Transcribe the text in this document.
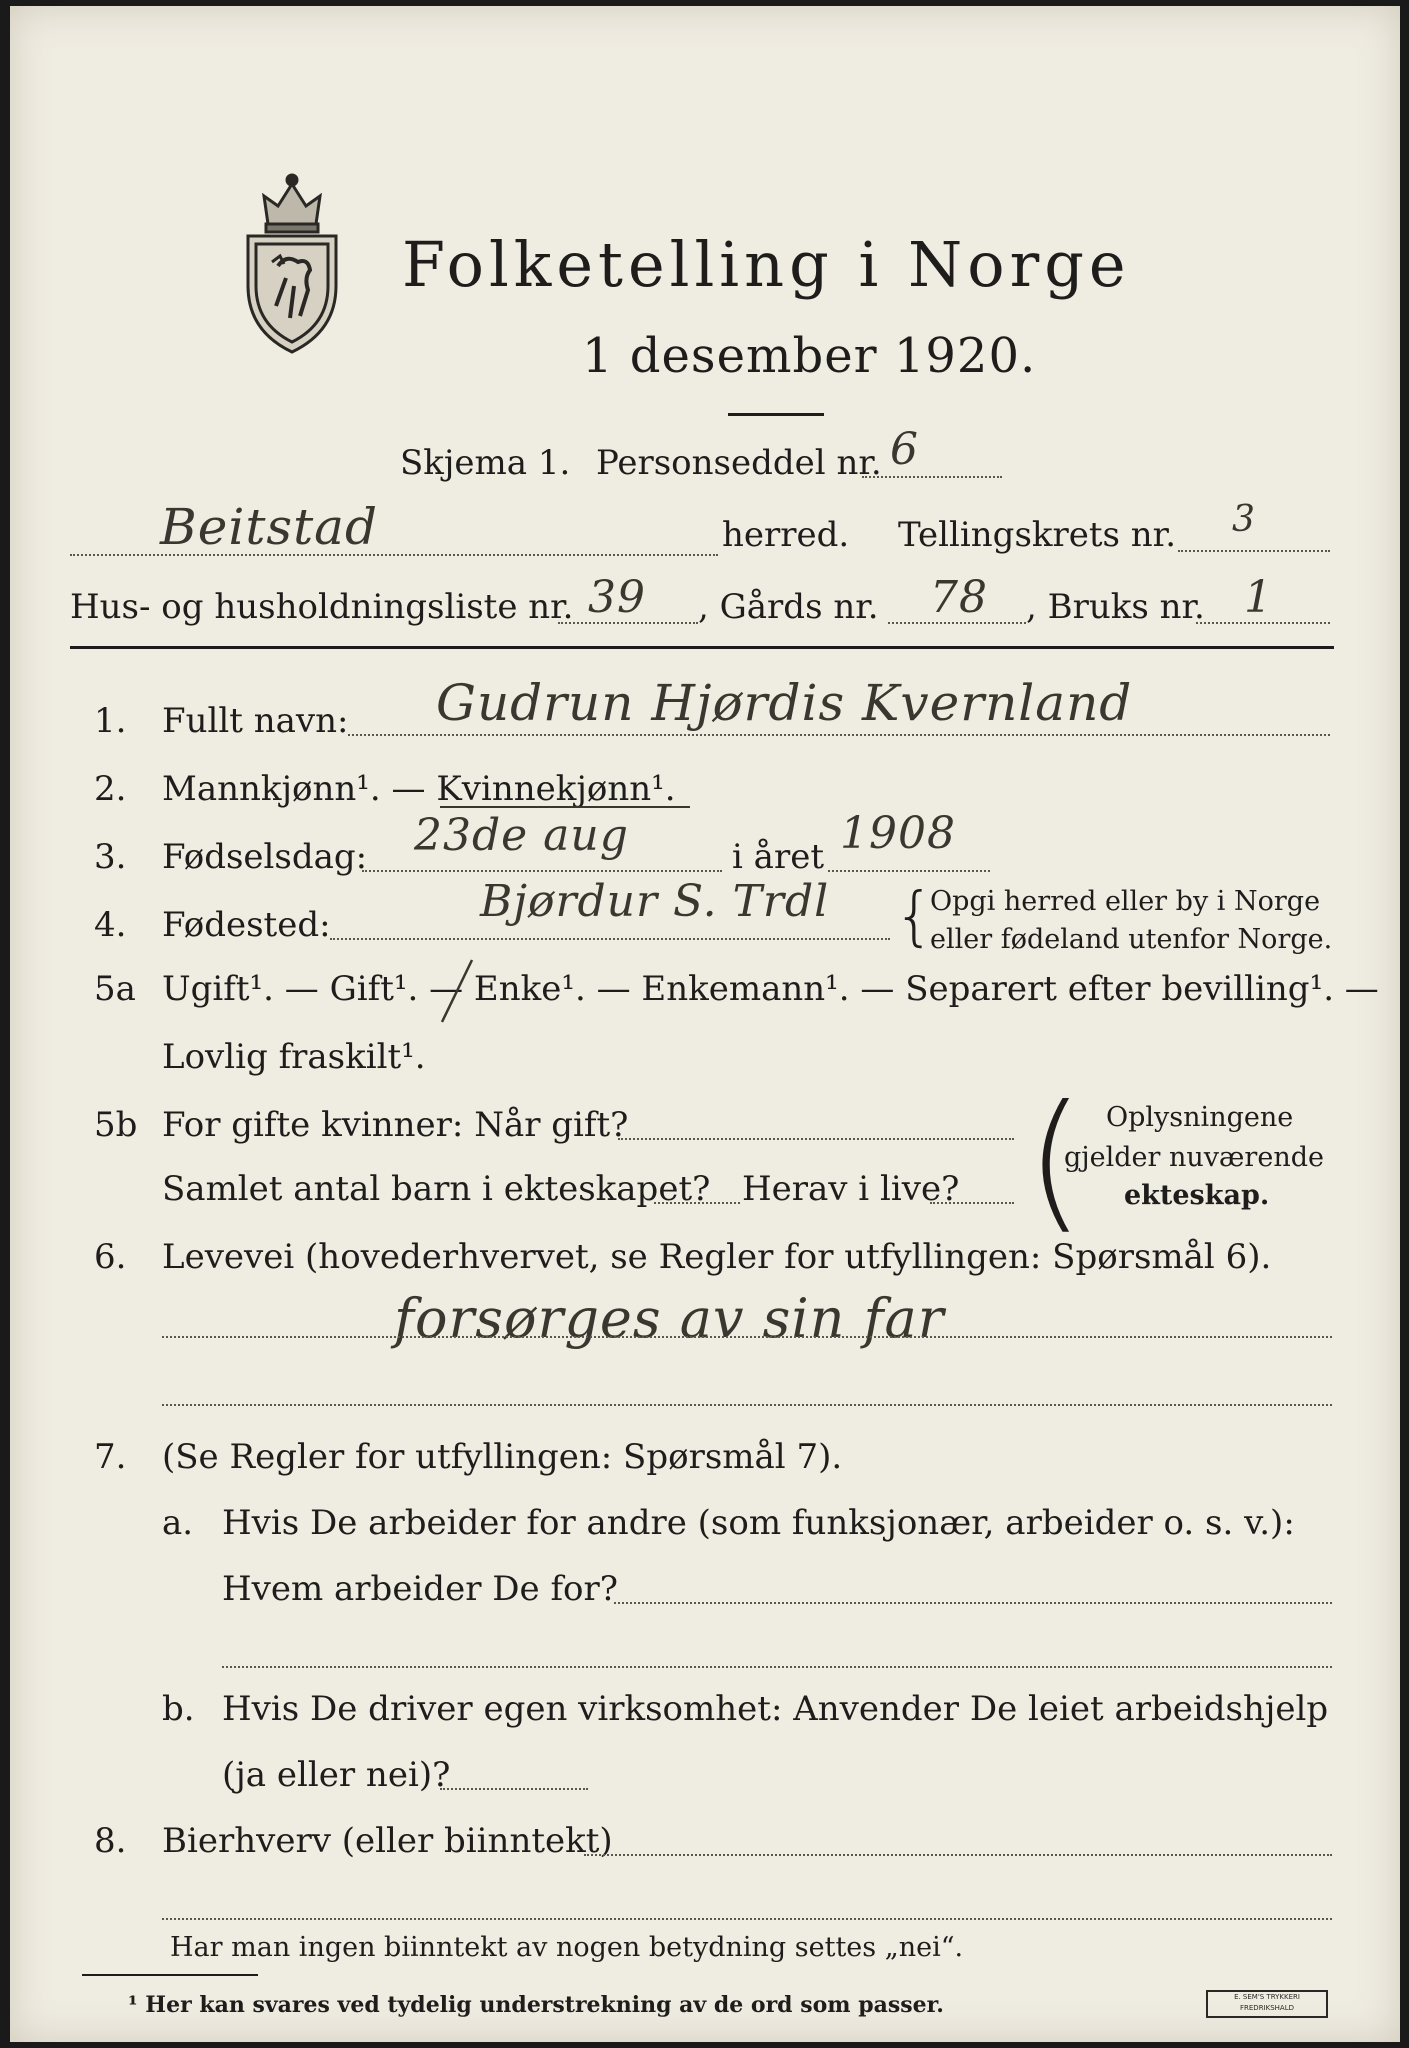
Folketelling i Norge
1 desember 1920.
Skjema 1. Personseddel nr. 6
Beitstad	herred. Tellingskrets nr. 3
Hus- og husholdningsliste nr. 39 , Gårds nr. 78 , Bruks nr. 1
1. Fullt navn: Gudrun Hjørdis Kvernland
2. Mannkjønn¹. — Kvinnekjønn¹.
3. Fødselsdag: 23de aug	i året 1908
4. Fødested:	Bjørdur S. Trdl {
Opgi herred eller by i Norge
eller fødeland utenfor Norge.
5a Ugift¹. — Gift¹. — Enke¹. — Enkemann¹. — Separert efter bevilling¹. —
Lovlig fraskilt¹.
5b For gifte kvinner: Når gift?
Samlet antal barn i ekteskapet? Herav i live? ( Oplysningene
gjelder nuværende
ekteskap.
6. Levevei (hovederhvervet, se Regler for utfyllingen: Spørsmål 6).
forsørges av sin far
7. (Se Regler for utfyllingen: Spørsmål 7).
a. Hvis De arbeider for andre (som funksjonær, arbeider o. s. v.):
Hvem arbeider De for?
b. Hvis De driver egen virksomhet: Anvender De leiet arbeidshjelp
(ja eller nei)?
8. Bierhverv (eller biinntekt)
Har man ingen biinntekt av nogen betydning settes „nei“.
¹ Her kan svares ved tydelig understrekning av de ord som passer.	E. SEM'S TRYKKERI FREDRIKSHALD
